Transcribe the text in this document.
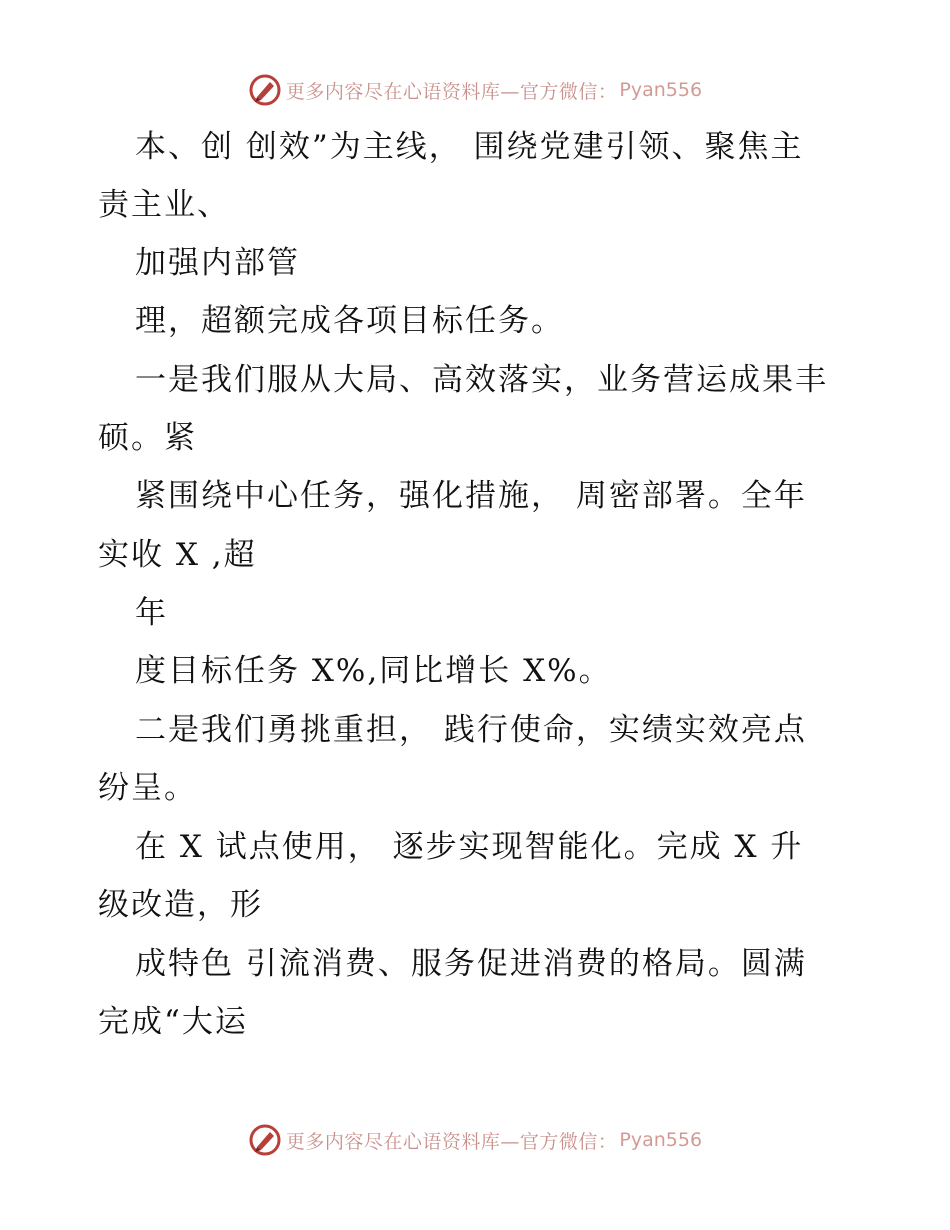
更多内容尽在心语资料库—官方微信： Pyan556
本、创 创效”为主线， 围绕党建引领、聚焦主
责主业、
加强内部管
理，超额完成各项目标任务。
一是我们服从大局、高效落实，业务营运成果丰
硕。紧
紧围绕中心任务，强化措施， 周密部署。全年
实收 X ,超
年
度目标任务 X%,同比增长 X%。
二是我们勇挑重担， 践行使命，实绩实效亮点
纷呈。
在 X 试点使用， 逐步实现智能化。完成 X 升
级改造，形
成特色 引流消费、服务促进消费的格局。圆满
完成“大运
更多内容尽在心语资料库—官方微信： Pyan556
